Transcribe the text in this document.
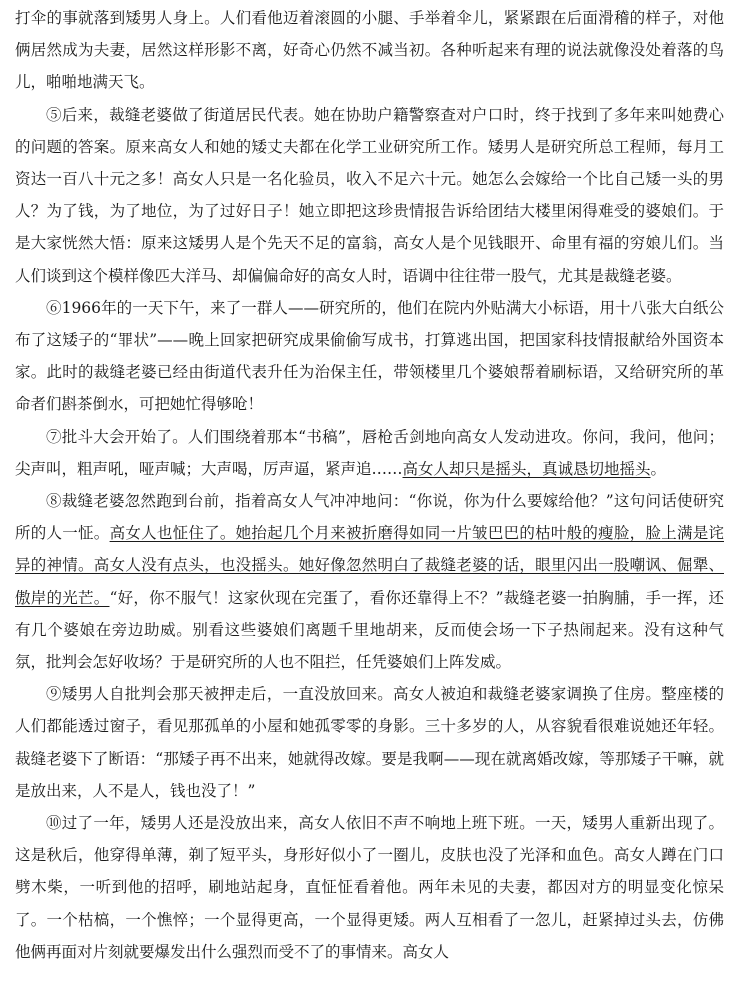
打伞的事就落到矮男人身上。人们看他迈着滚圆的小腿、手举着伞儿，紧紧跟在后面滑稽的样子，对他俩居然成为夫妻，居然这样形影不离，好奇心仍然不减当初。各种听起来有理的说法就像没处着落的鸟儿，啪啪地满天飞。

⑤后来，裁缝老婆做了街道居民代表。她在协助户籍警察查对户口时，终于找到了多年来叫她费心的问题的答案。原来高女人和她的矮丈夫都在化学工业研究所工作。矮男人是研究所总工程师，每月工资达一百八十元之多！高女人只是一名化验员，收入不足六十元。她怎么会嫁给一个比自己矮一头的男人？为了钱，为了地位，为了过好日子！她立即把这珍贵情报告诉给团结大楼里闲得难受的婆娘们。于是大家恍然大悟：原来这矮男人是个先天不足的富翁，高女人是个见钱眼开、命里有福的穷娘儿们。当人们谈到这个模样像匹大洋马、却偏偏命好的高女人时，语调中往往带一股气，尤其是裁缝老婆。

⑥1966年的一天下午，来了一群人——研究所的，他们在院内外贴满大小标语，用十八张大白纸公布了这矮子的“罪状”——晚上回家把研究成果偷偷写成书，打算逃出国，把国家科技情报献给外国资本家。此时的裁缝老婆已经由街道代表升任为治保主任，带领楼里几个婆娘帮着刷标语，又给研究所的革命者们斟茶倒水，可把她忙得够呛！

⑦批斗大会开始了。人们围绕着那本“书稿”，唇枪舌剑地向高女人发动进攻。你问，我问，他问；尖声叫，粗声吼，哑声喊；大声喝，厉声逼，紧声追……高女人却只是摇头，真诚恳切地摇头。

⑧裁缝老婆忽然跑到台前，指着高女人气冲冲地问：“你说，你为什么要嫁给他？”这句问话使研究所的人一怔。高女人也怔住了。她抬起几个月来被折磨得如同一片皱巴巴的枯叶般的瘦脸，脸上满是诧异的神情。高女人没有点头，也没摇头。她好像忽然明白了裁缝老婆的话，眼里闪出一股嘲讽、倔犟、傲岸的光芒。“好，你不服气！这家伙现在完蛋了，看你还靠得上不？”裁缝老婆一拍胸脯，手一挥，还有几个婆娘在旁边助威。别看这些婆娘们离题千里地胡来，反而使会场一下子热闹起来。没有这种气氛，批判会怎好收场？于是研究所的人也不阻拦，任凭婆娘们上阵发威。

⑨矮男人自批判会那天被押走后，一直没放回来。高女人被迫和裁缝老婆家调换了住房。整座楼的人们都能透过窗子，看见那孤单的小屋和她孤零零的身影。三十多岁的人，从容貌看很难说她还年轻。裁缝老婆下了断语：“那矮子再不出来，她就得改嫁。要是我啊——现在就离婚改嫁，等那矮子干嘛，就是放出来，人不是人，钱也没了！”

⑩过了一年，矮男人还是没放出来，高女人依旧不声不响地上班下班。一天，矮男人重新出现了。这是秋后，他穿得单薄，剃了短平头，身形好似小了一圈儿，皮肤也没了光泽和血色。高女人蹲在门口劈木柴，一听到他的招呼，刷地站起身，直怔怔看着他。两年未见的夫妻，都因对方的明显变化惊呆了。一个枯槁，一个憔悴；一个显得更高，一个显得更矮。两人互相看了一忽儿，赶紧掉过头去，仿佛他俩再面对片刻就要爆发出什么强烈而受不了的事情来。高女人
